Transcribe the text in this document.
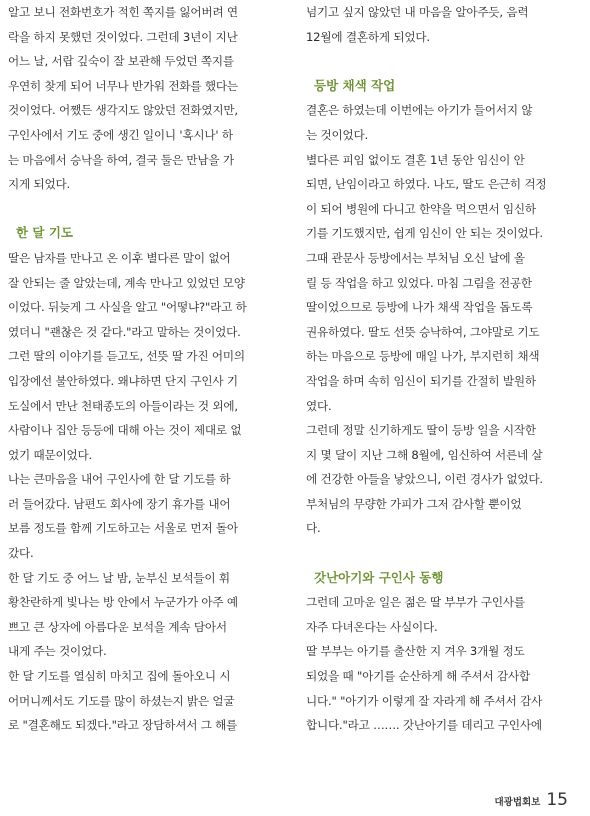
알고 보니 전화번호가 적힌 쪽지를 잃어버려 연
락을 하지 못했던 것이었다. 그런데 3년이 지난
어느 날, 서랍 깊숙이 잘 보관해 두었던 쪽지를
우연히 찾게 되어 너무나 반가워 전화를 했다는
것이었다. 어쨌든 생각지도 않았던 전화였지만,
구인사에서 기도 중에 생긴 일이니 '혹시나' 하
는 마음에서 승낙을 하여, 결국 둘은 만남을 가
지게 되었다.
한 달 기도
딸은 남자를 만나고 온 이후 별다른 말이 없어
잘 안되는 줄 알았는데, 계속 만나고 있었던 모양
이었다. 뒤늦게 그 사실을 알고 "어떻냐?"라고 하
였더니 "괜찮은 것 같다."라고 말하는 것이었다.
그런 딸의 이야기를 듣고도, 선뜻 딸 가진 어미의
입장에선 불안하였다. 왜냐하면 단지 구인사 기
도실에서 만난 천태종도의 아들이라는 것 외에,
사람이나 집안 등등에 대해 아는 것이 제대로 없
었기 때문이었다.
나는 큰마음을 내어 구인사에 한 달 기도를 하
러 들어갔다. 남편도 회사에 장기 휴가를 내어
보름 정도를 함께 기도하고는 서울로 먼저 돌아
갔다.
한 달 기도 중 어느 날 밤, 눈부신 보석들이 휘
황찬란하게 빛나는 방 안에서 누군가가 아주 예
쁘고 큰 상자에 아름다운 보석을 계속 담아서
내게 주는 것이었다.
한 달 기도를 열심히 마치고 집에 돌아오니 시
어머니께서도 기도를 많이 하셨는지 밝은 얼굴
로 "결혼해도 되겠다."라고 장담하셔서 그 해를
넘기고 싶지 않았던 내 마음을 알아주듯, 음력
12월에 결혼하게 되었다.
등방 채색 작업
결혼은 하였는데 이번에는 아기가 들어서지 않
는 것이었다.
별다른 피임 없이도 결혼 1년 동안 임신이 안
되면, 난임이라고 하였다. 나도, 딸도 은근히 걱정
이 되어 병원에 다니고 한약을 먹으면서 임신하
기를 기도했지만, 쉽게 임신이 안 되는 것이었다.
그때 관문사 등방에서는 부처님 오신 날에 올
릴 등 작업을 하고 있었다. 마침 그림을 전공한
딸이었으므로 등방에 나가 채색 작업을 돕도록
권유하였다. 딸도 선뜻 승낙하여, 그야말로 기도
하는 마음으로 등방에 매일 나가, 부지런히 채색
작업을 하며 속히 임신이 되기를 간절히 발원하
였다.
그런데 정말 신기하게도 딸이 등방 일을 시작한
지 몇 달이 지난 그해 8월에, 임신하여 서른네 살
에 건강한 아들을 낳았으니, 이런 경사가 없었다.
부처님의 무량한 가피가 그저 감사할 뿐이었
다.
갓난아기와 구인사 동행
그런데 고마운 일은 젊은 딸 부부가 구인사를
자주 다녀온다는 사실이다.
딸 부부는 아기를 출산한 지 겨우 3개월 정도
되었을 때 "아기를 순산하게 해 주셔서 감사합
니다." "아기가 이렇게 잘 자라게 해 주셔서 감사
합니다."라고 ……. 갓난아기를 데리고 구인사에
대광법회보 15
